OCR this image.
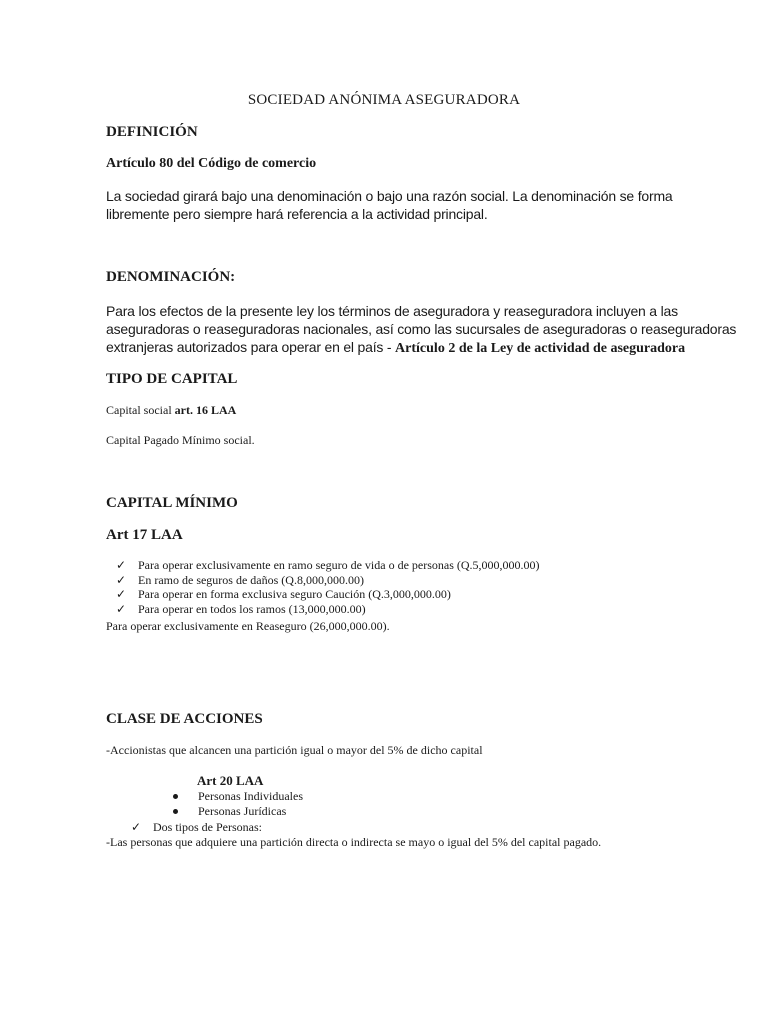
SOCIEDAD ANÓNIMA ASEGURADORA
DEFINICIÓN
Artículo 80 del Código de comercio
La sociedad girará bajo una denominación o bajo una razón social. La denominación se forma
libremente pero siempre hará referencia a la actividad principal.
DENOMINACIÓN:
Para los efectos de la presente ley los términos de aseguradora y reaseguradora incluyen a las
aseguradoras o reaseguradoras nacionales, así como las sucursales de aseguradoras o reaseguradoras
extranjeras autorizados para operar en el país - Artículo 2 de la Ley de actividad de aseguradora
TIPO DE CAPITAL
Capital social art. 16 LAA
Capital Pagado Mínimo social.
CAPITAL MÍNIMO
Art 17 LAA
✓ Para operar exclusivamente en ramo seguro de vida o de personas (Q.5,000,000.00)
✓ En ramo de seguros de daños (Q.8,000,000.00)
✓ Para operar en forma exclusiva seguro Caución (Q.3,000,000.00)
✓ Para operar en todos los ramos (13,000,000.00)
Para operar exclusivamente en Reaseguro (26,000,000.00).
CLASE DE ACCIONES
-Accionistas que alcancen una partición igual o mayor del 5% de dicho capital
Art 20 LAA
Personas Individuales
Personas Jurídicas
✓ Dos tipos de Personas:
-Las personas que adquiere una partición directa o indirecta se mayo o igual del 5% del capital pagado.
